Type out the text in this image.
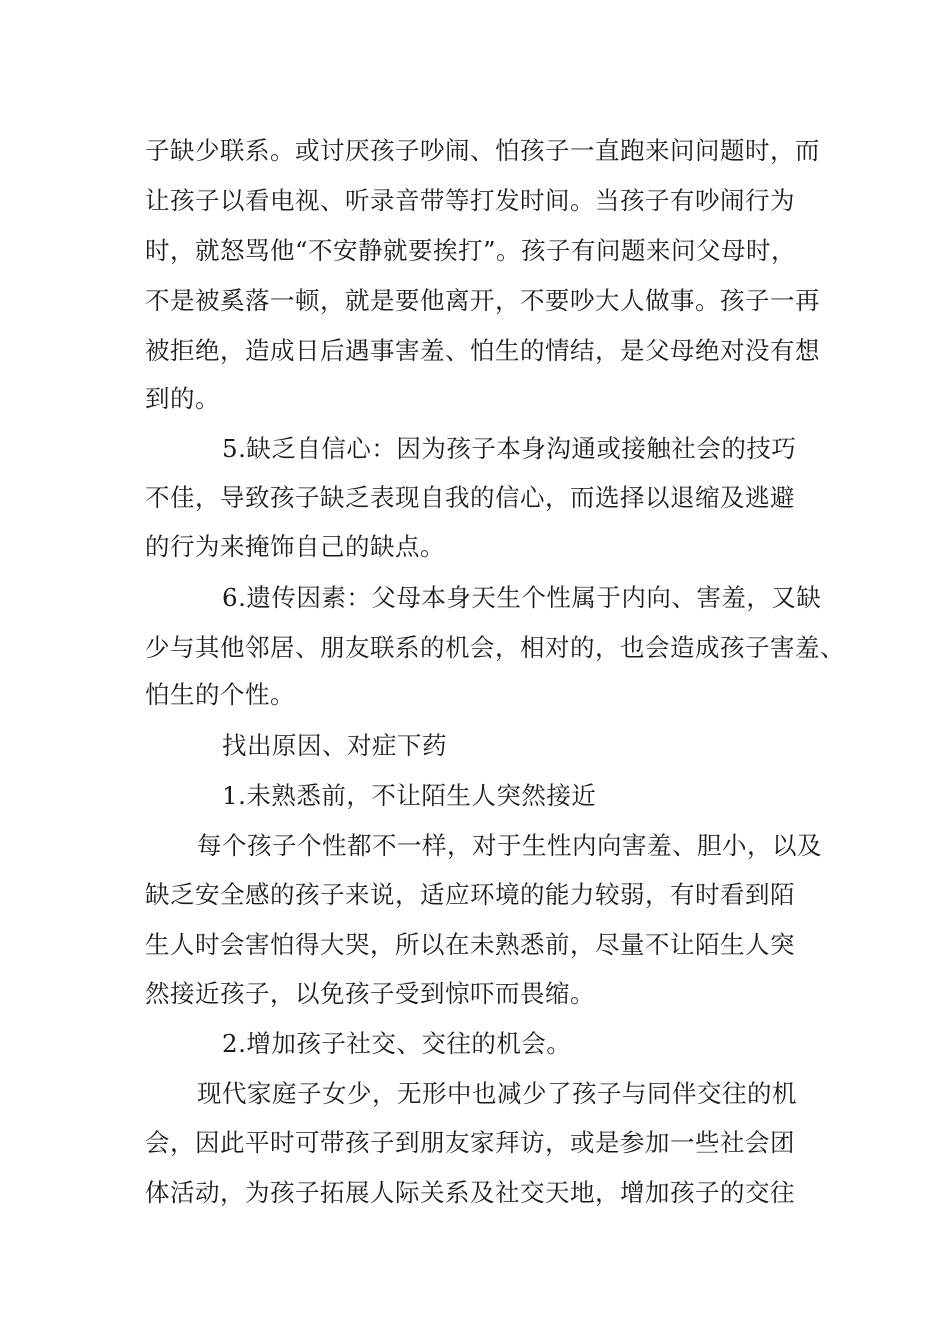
子缺少联系。或讨厌孩子吵闹、怕孩子一直跑来问问题时，而
让孩子以看电视、听录音带等打发时间。当孩子有吵闹行为
时，就怒骂他“不安静就要挨打”。孩子有问题来问父母时，
不是被奚落一顿，就是要他离开，不要吵大人做事。孩子一再
被拒绝，造成日后遇事害羞、怕生的情结，是父母绝对没有想
到的。
5.缺乏自信心：因为孩子本身沟通或接触社会的技巧
不佳，导致孩子缺乏表现自我的信心，而选择以退缩及逃避
的行为来掩饰自己的缺点。
6.遗传因素：父母本身天生个性属于内向、害羞，又缺
少与其他邻居、朋友联系的机会，相对的，也会造成孩子害羞、
怕生的个性。
找出原因、对症下药
1.未熟悉前，不让陌生人突然接近
每个孩子个性都不一样，对于生性内向害羞、胆小，以及
缺乏安全感的孩子来说，适应环境的能力较弱，有时看到陌
生人时会害怕得大哭，所以在未熟悉前，尽量不让陌生人突
然接近孩子，以免孩子受到惊吓而畏缩。
2.增加孩子社交、交往的机会。
现代家庭子女少，无形中也减少了孩子与同伴交往的机
会，因此平时可带孩子到朋友家拜访，或是参加一些社会团
体活动，为孩子拓展人际关系及社交天地，增加孩子的交往
